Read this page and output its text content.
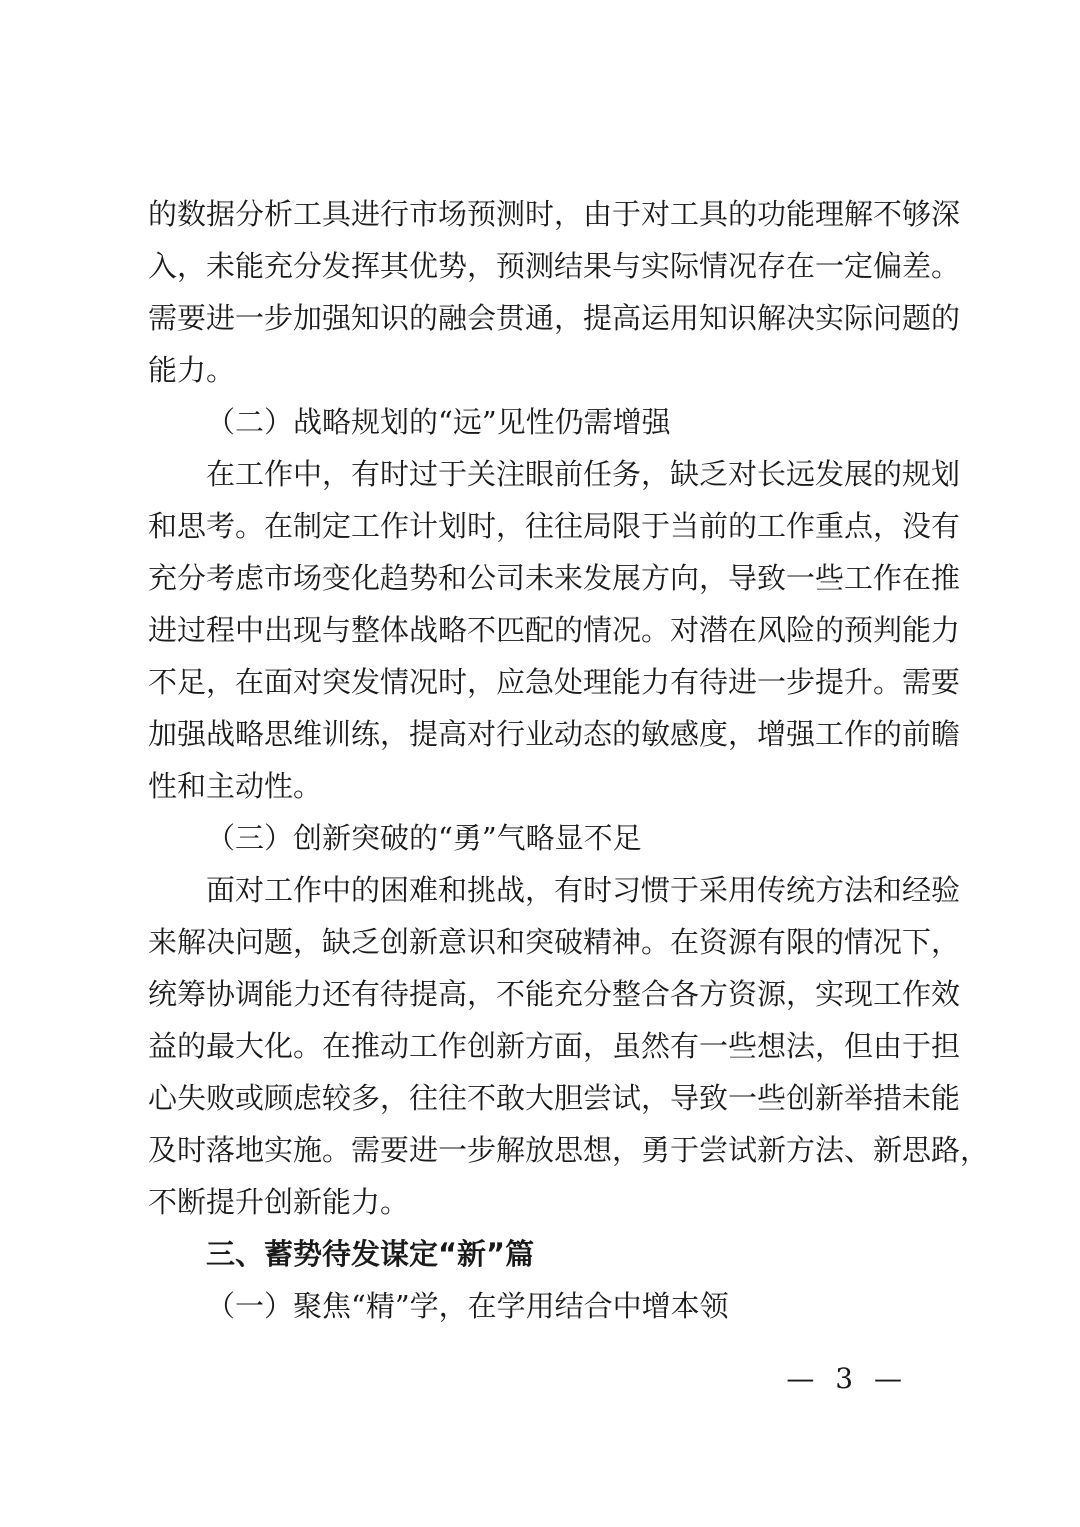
的数据分析工具进行市场预测时，由于对工具的功能理解不够深
入，未能充分发挥其优势，预测结果与实际情况存在一定偏差。
需要进一步加强知识的融会贯通，提高运用知识解决实际问题的
能力。
（二）战略规划的“远”见性仍需增强
在工作中，有时过于关注眼前任务，缺乏对长远发展的规划
和思考。在制定工作计划时，往往局限于当前的工作重点，没有
充分考虑市场变化趋势和公司未来发展方向，导致一些工作在推
进过程中出现与整体战略不匹配的情况。对潜在风险的预判能力
不足，在面对突发情况时，应急处理能力有待进一步提升。需要
加强战略思维训练，提高对行业动态的敏感度，增强工作的前瞻
性和主动性。
（三）创新突破的“勇”气略显不足
面对工作中的困难和挑战，有时习惯于采用传统方法和经验
来解决问题，缺乏创新意识和突破精神。在资源有限的情况下，
统筹协调能力还有待提高，不能充分整合各方资源，实现工作效
益的最大化。在推动工作创新方面，虽然有一些想法，但由于担
心失败或顾虑较多，往往不敢大胆尝试，导致一些创新举措未能
及时落地实施。需要进一步解放思想，勇于尝试新方法、新思路，
不断提升创新能力。
三、蓄势待发谋定“新”篇
（一）聚焦“精”学，在学用结合中增本领
— 3 —
